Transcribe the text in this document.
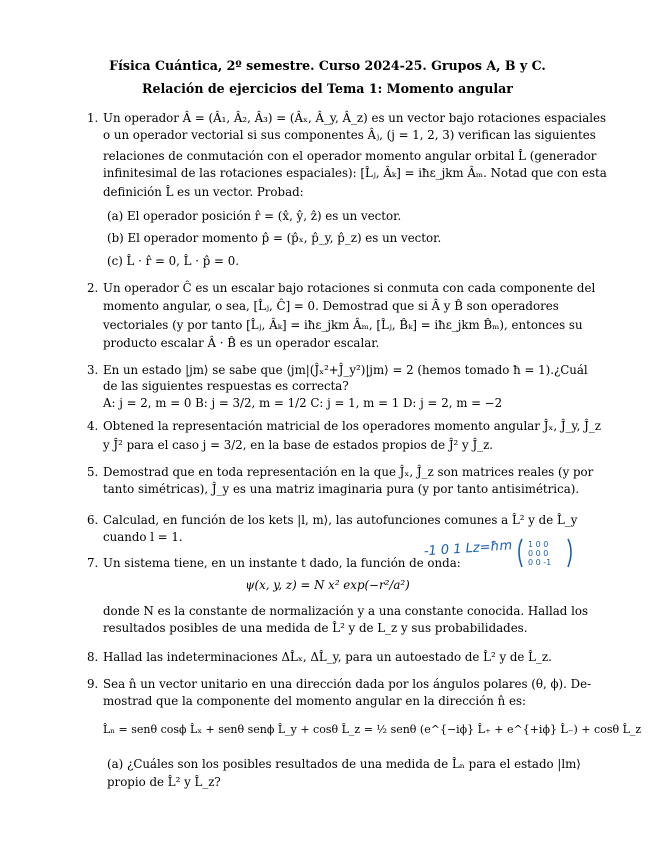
Física Cuántica, 2º semestre. Curso 2024-25. Grupos A, B y C.
Relación de ejercicios del Tema 1: Momento angular
1. Un operador Â = (Â₁, Â₂, Â₃) = (Âₓ, Â_y, Â_z) es un vector bajo rotaciones espaciales
o un operador vectorial si sus componentes Âⱼ, (j = 1, 2, 3) verifican las siguientes
relaciones de conmutación con el operador momento angular orbital L̂ (generador
infinitesimal de las rotaciones espaciales): [L̂ⱼ, Âₖ] = iħε_jkm Âₘ. Notad que con esta
definición L̂ es un vector. Probad:
(a) El operador posición r̂ = (x̂, ŷ, ẑ) es un vector.
(b) El operador momento p̂ = (p̂ₓ, p̂_y, p̂_z) es un vector.
(c) L̂ · r̂ = 0, L̂ · p̂ = 0.
2. Un operador Ĉ es un escalar bajo rotaciones si conmuta con cada componente del
momento angular, o sea, [L̂ⱼ, Ĉ] = 0. Demostrad que si Â y B̂ son operadores
vectoriales (y por tanto [L̂ⱼ, Âₖ] = iħε_jkm Âₘ, [L̂ⱼ, B̂ₖ] = iħε_jkm B̂ₘ), entonces su
producto escalar Â · B̂ es un operador escalar.
3. En un estado |jm⟩ se sabe que ⟨jm|(Ĵₓ²+Ĵ_y²)|jm⟩ = 2 (hemos tomado ħ = 1).¿Cuál
de las siguientes respuestas es correcta?
A: j = 2, m = 0 B: j = 3/2, m = 1/2 C: j = 1, m = 1 D: j = 2, m = −2
4. Obtened la representación matricial de los operadores momento angular Ĵₓ, Ĵ_y, Ĵ_z
y Ĵ² para el caso j = 3/2, en la base de estados propios de Ĵ² y Ĵ_z.
5. Demostrad que en toda representación en la que Ĵₓ, Ĵ_z son matrices reales (y por
tanto simétricas), Ĵ_y es una matriz imaginaria pura (y por tanto antisimétrica).
6. Calculad, en función de los kets |l, m⟩, las autofunciones comunes a L̂² y de L̂_y
cuando l = 1.
-1 0 1 Lz=ħm 1 0 0
0 0 0
0 0 -1
7. Un sistema tiene, en un instante t dado, la función de onda:
ψ(x, y, z) = N x² exp(−r²/a²)
donde N es la constante de normalización y a una constante conocida. Hallad los
resultados posibles de una medida de L̂² y de L_z y sus probabilidades.
8. Hallad las indeterminaciones ΔL̂ₓ, ΔL̂_y, para un autoestado de L̂² y de L̂_z.
9. Sea n̂ un vector unitario en una dirección dada por los ángulos polares (θ, ϕ). De-
mostrad que la componente del momento angular en la dirección n̂ es:
L̂ₙ = senθ cosϕ L̂ₓ + senθ senϕ L̂_y + cosθ L̂_z = ½ senθ (e^{−iϕ} L̂₊ + e^{+iϕ} L̂₋) + cosθ L̂_z
(a) ¿Cuáles son los posibles resultados de una medida de L̂ₙ para el estado |lm⟩
propio de L̂² y L̂_z?
